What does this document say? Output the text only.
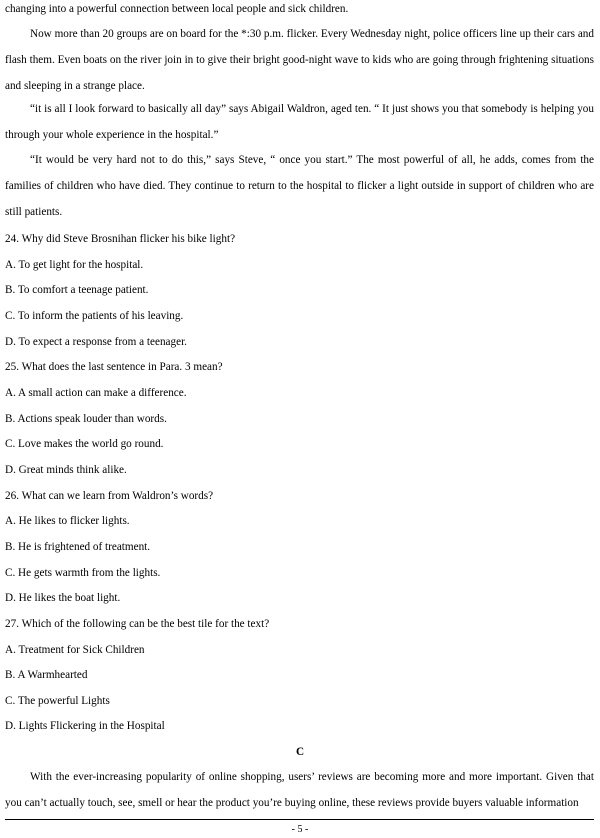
changing into a powerful connection between local people and sick children.
Now more than 20 groups are on board for the *:30 p.m. flicker. Every Wednesday night, police officers line up their cars and flash them. Even boats on the river join in to give their bright good-night wave to kids who are going through frightening situations and sleeping in a strange place.
“it is all I look forward to basically all day” says Abigail Waldron, aged ten. “ It just shows you that somebody is helping you through your whole experience in the hospital.”
“It would be very hard not to do this,” says Steve, “ once you start.” The most powerful of all, he adds, comes from the families of children who have died. They continue to return to the hospital to flicker a light outside in support of children who are still patients.
24. Why did Steve Brosnihan flicker his bike light?
A. To get light for the hospital.
B. To comfort a teenage patient.
C. To inform the patients of his leaving.
D. To expect a response from a teenager.
25. What does the last sentence in Para. 3 mean?
A. A small action can make a difference.
B. Actions speak louder than words.
C. Love makes the world go round.
D. Great minds think alike.
26. What can we learn from Waldron’s words?
A. He likes to flicker lights.
B. He is frightened of treatment.
C. He gets warmth from the lights.
D. He likes the boat light.
27. Which of the following can be the best tile for the text?
A. Treatment for Sick Children
B. A Warmhearted
C. The powerful Lights
D. Lights Flickering in the Hospital
C
With the ever-increasing popularity of online shopping, users’ reviews are becoming more and more important. Given that you can’t actually touch, see, smell or hear the product you’re buying online, these reviews provide buyers valuable information
- 5 -
